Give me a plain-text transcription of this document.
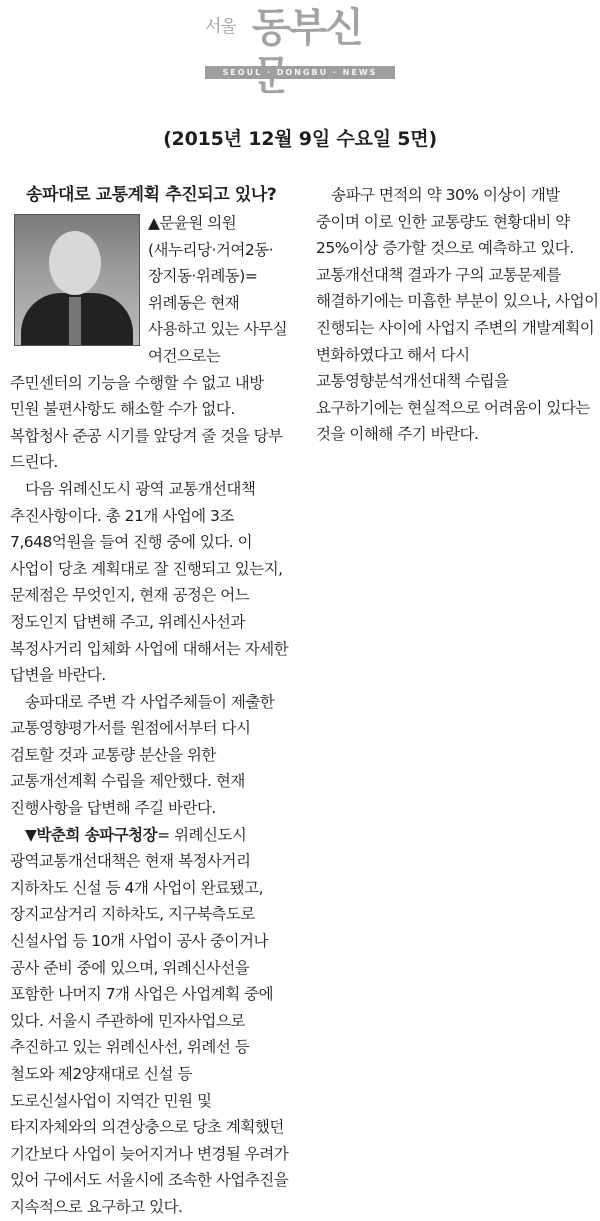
서울 동부신
SEOUL · DONGBU · NEWS
(2015년 12월 9일 수요일 5면)
송파대로 교통계획 추진되고 있나?

▲문윤원 의원(새누리당·거여2동·장지동·위례동)= 위례동은 현재 사용하고 있는 사무실 여건으로는 주민센터의 기능을 수행할 수 없고 내방 민원 불편사항도 해소할 수가 없다. 복합청사 준공 시기를 앞당겨 줄 것을 당부 드린다.

다음 위례신도시 광역 교통개선대책 추진사항이다. 총 21개 사업에 3조 7,648억원을 들여 진행 중에 있다. 이 사업이 당초 계획대로 잘 진행되고 있는지, 문제점은 무엇인지, 현재 공정은 어느 정도인지 답변해 주고, 위례신사선과 복정사거리 입체화 사업에 대해서는 자세한 답변을 바란다.

송파대로 주변 각 사업주체들이 제출한 교통영향평가서를 원점에서부터 다시 검토할 것과 교통량 분산을 위한 교통개선계획 수립을 제안했다. 현재 진행사항을 답변해 주길 바란다.

▼박춘희 송파구청장= 위례신도시 광역교통개선대책은 현재 복정사거리 지하차도 신설 등 4개 사업이 완료됐고, 장지교삼거리 지하차도, 지구북측도로 신설사업 등 10개 사업이 공사 중이거나 공사 준비 중에 있으며, 위례신사선을 포함한 나머지 7개 사업은 사업계획 중에 있다. 서울시 주관하에 민자사업으로 추진하고 있는 위례신사선, 위례선 등 철도와 제2양재대로 신설 등 도로신설사업이 지역간 민원 및 타지자체와의 의견상충으로 당초 계획했던 기간보다 사업이 늦어지거나 변경될 우려가 있어 구에서도 서울시에 조속한 사업추진을 지속적으로 요구하고 있다.

송파구 면적의 약 30% 이상이 개발 중이며 이로 인한 교통량도 현황대비 약 25%이상 증가할 것으로 예측하고 있다. 교통개선대책 결과가 구의 교통문제를 해결하기에는 미흡한 부분이 있으나, 사업이 진행되는 사이에 사업지 주변의 개발계획이 변화하였다고 해서 다시 교통영향분석개선대책 수립을 요구하기에는 현실적으로 어려움이 있다는 것을 이해해 주기 바란다.
